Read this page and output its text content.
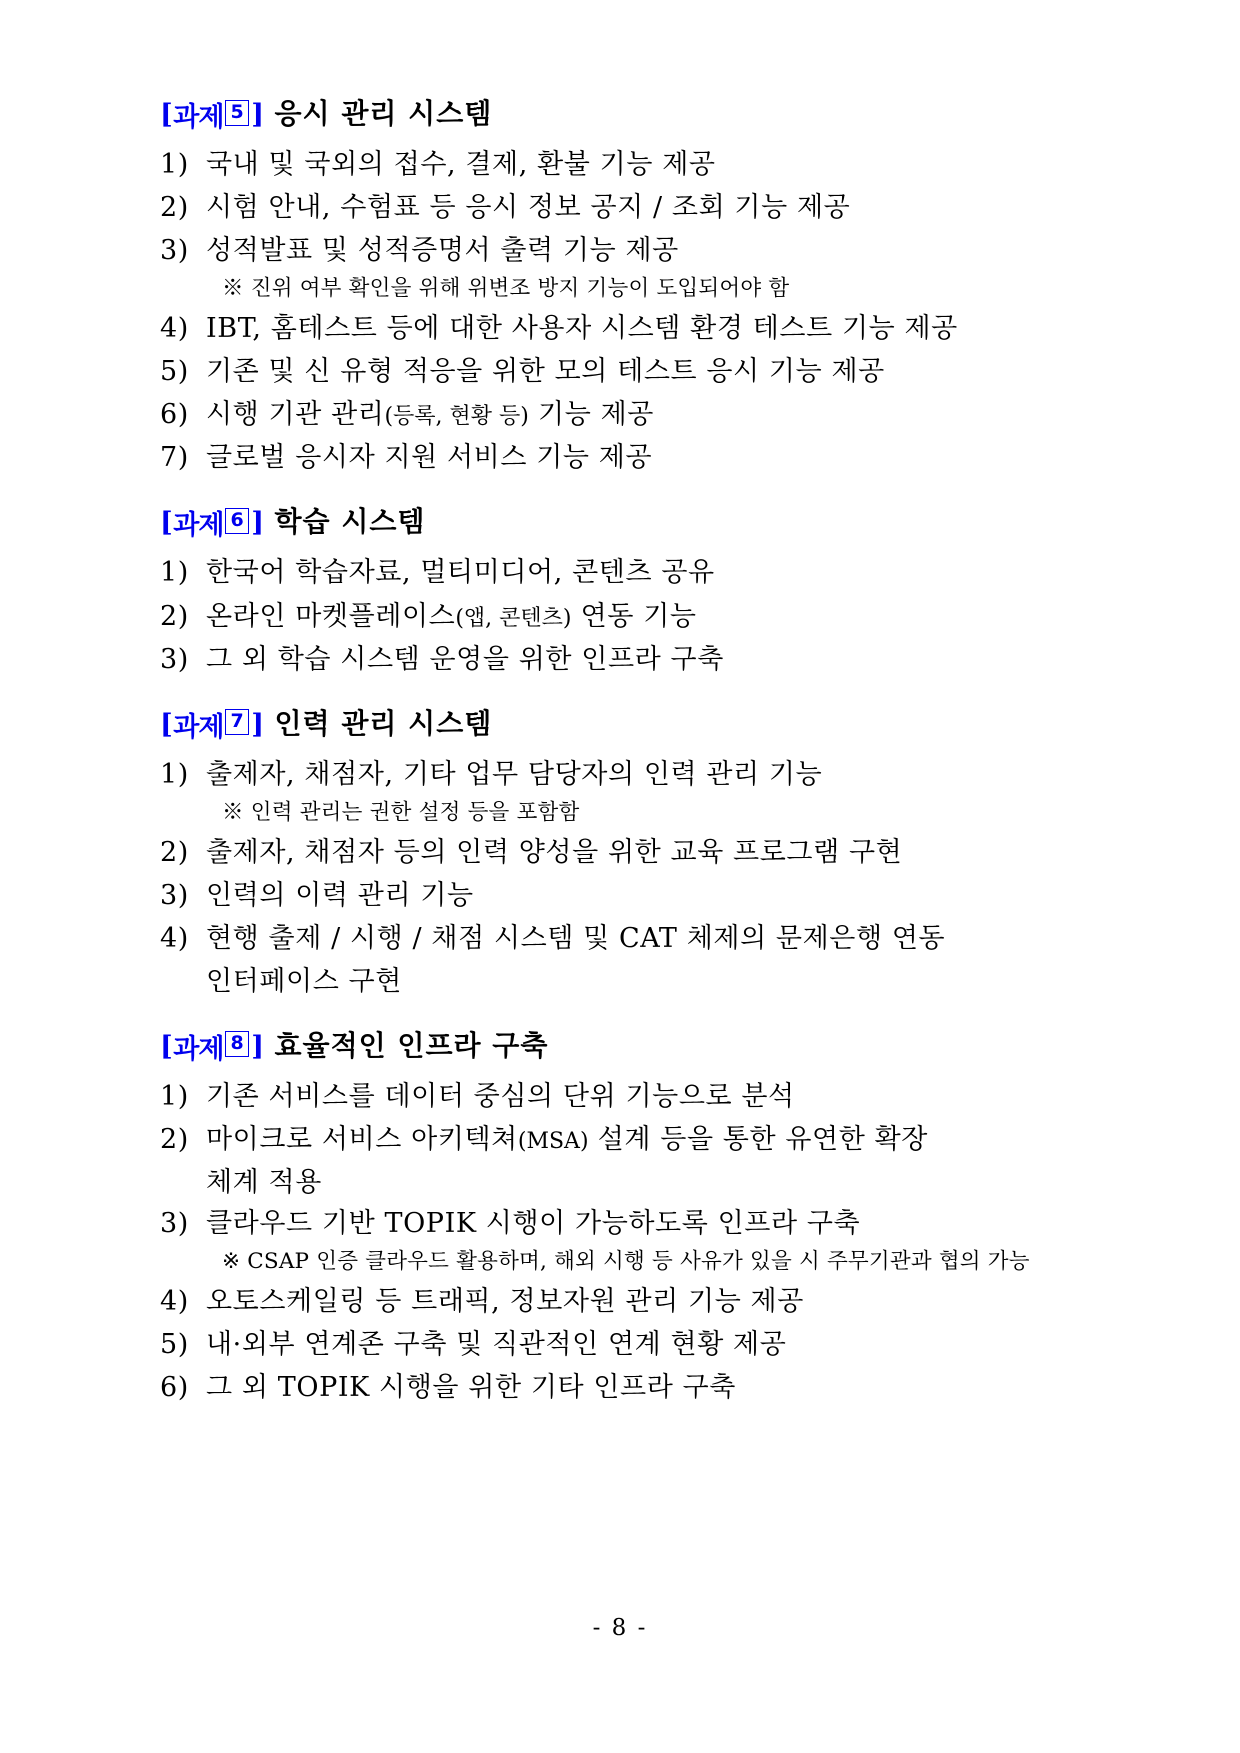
[ 과제 5 ] 응시 관리 시스템
1) 국내 및 국외의 접수, 결제, 환불 기능 제공
2) 시험 안내, 수험표 등 응시 정보 공지 / 조회 기능 제공
3) 성적발표 및 성적증명서 출력 기능 제공
※ 진위 여부 확인을 위해 위변조 방지 기능이 도입되어야 함
4) IBT, 홈테스트 등에 대한 사용자 시스템 환경 테스트 기능 제공
5) 기존 및 신 유형 적응을 위한 모의 테스트 응시 기능 제공
6) 시행 기관 관리(등록, 현황 등) 기능 제공
7) 글로벌 응시자 지원 서비스 기능 제공
[ 과제 6 ] 학습 시스템
1) 한국어 학습자료, 멀티미디어, 콘텐츠 공유
2) 온라인 마켓플레이스(앱, 콘텐츠) 연동 기능
3) 그 외 학습 시스템 운영을 위한 인프라 구축
[ 과제 7 ] 인력 관리 시스템
1) 출제자, 채점자, 기타 업무 담당자의 인력 관리 기능
※ 인력 관리는 권한 설정 등을 포함함
2) 출제자, 채점자 등의 인력 양성을 위한 교육 프로그램 구현
3) 인력의 이력 관리 기능
4) 현행 출제 / 시행 / 채점 시스템 및 CAT 체제의 문제은행 연동
인터페이스 구현
[ 과제 8 ] 효율적인 인프라 구축
1) 기존 서비스를 데이터 중심의 단위 기능으로 분석
2) 마이크로 서비스 아키텍쳐(MSA) 설계 등을 통한 유연한 확장
체계 적용
3) 클라우드 기반 TOPIK 시행이 가능하도록 인프라 구축
※ CSAP 인증 클라우드 활용하며, 해외 시행 등 사유가 있을 시 주무기관과 협의 가능
4) 오토스케일링 등 트래픽, 정보자원 관리 기능 제공
5) 내·외부 연계존 구축 및 직관적인 연계 현황 제공
6) 그 외 TOPIK 시행을 위한 기타 인프라 구축
- 8 -
